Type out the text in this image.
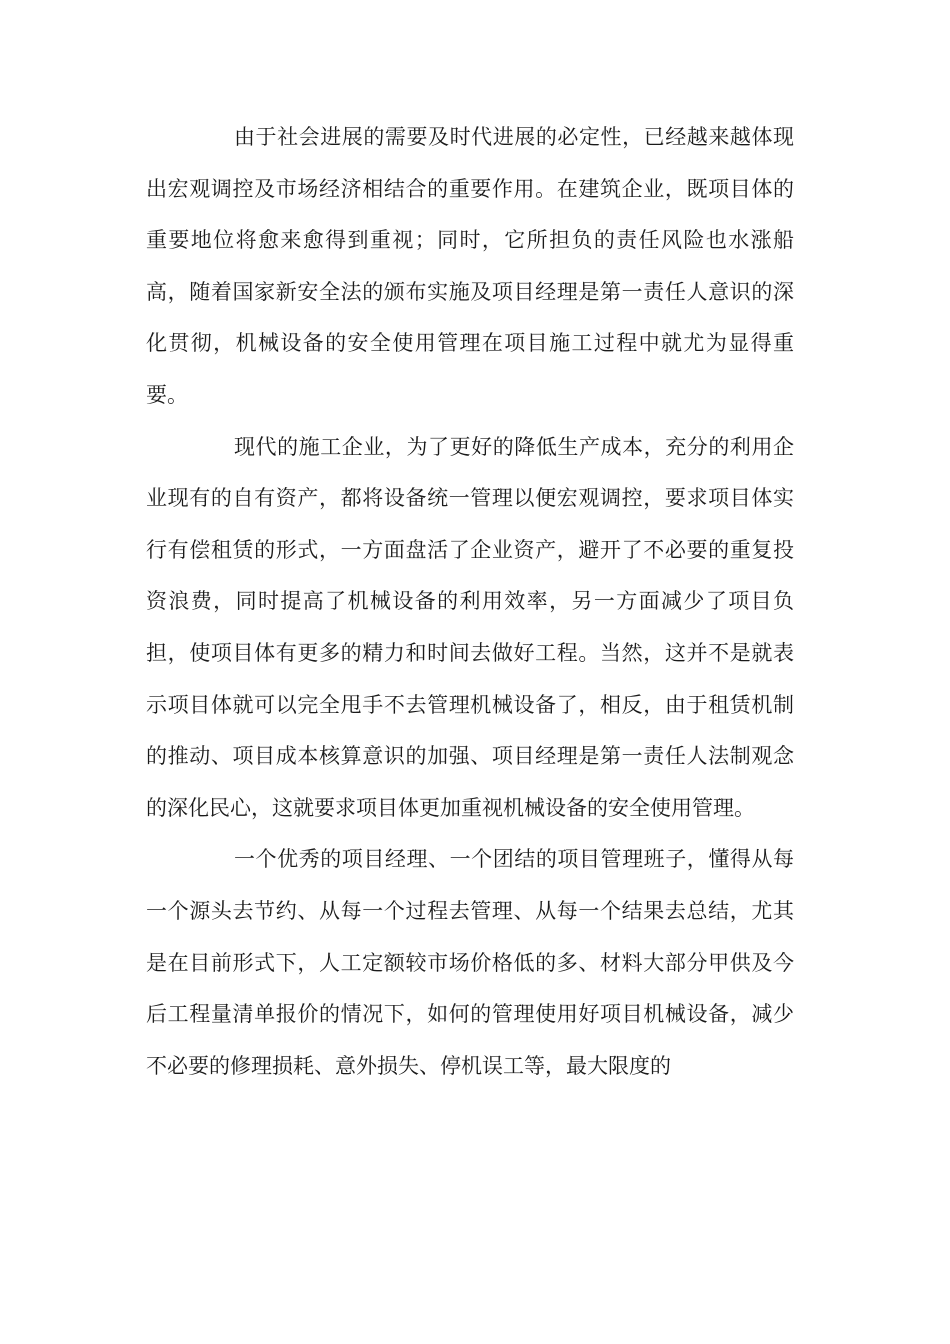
由于社会进展的需要及时代进展的必定性，已经越来越体现出宏观调控及市场经济相结合的重要作用。在建筑企业，既项目体的重要地位将愈来愈得到重视；同时，它所担负的责任风险也水涨船高，随着国家新安全法的颁布实施及项目经理是第一责任人意识的深化贯彻，机械设备的安全使用管理在项目施工过程中就尤为显得重要。

现代的施工企业，为了更好的降低生产成本，充分的利用企业现有的自有资产，都将设备统一管理以便宏观调控，要求项目体实行有偿租赁的形式，一方面盘活了企业资产，避开了不必要的重复投资浪费，同时提高了机械设备的利用效率，另一方面减少了项目负担，使项目体有更多的精力和时间去做好工程。当然，这并不是就表示项目体就可以完全甩手不去管理机械设备了，相反，由于租赁机制的推动、项目成本核算意识的加强、项目经理是第一责任人法制观念的深化民心，这就要求项目体更加重视机械设备的安全使用管理。

一个优秀的项目经理、一个团结的项目管理班子，懂得从每一个源头去节约、从每一个过程去管理、从每一个结果去总结，尤其是在目前形式下，人工定额较市场价格低的多、材料大部分甲供及今后工程量清单报价的情况下，如何的管理使用好项目机械设备，减少不必要的修理损耗、意外损失、停机误工等，最大限度的
